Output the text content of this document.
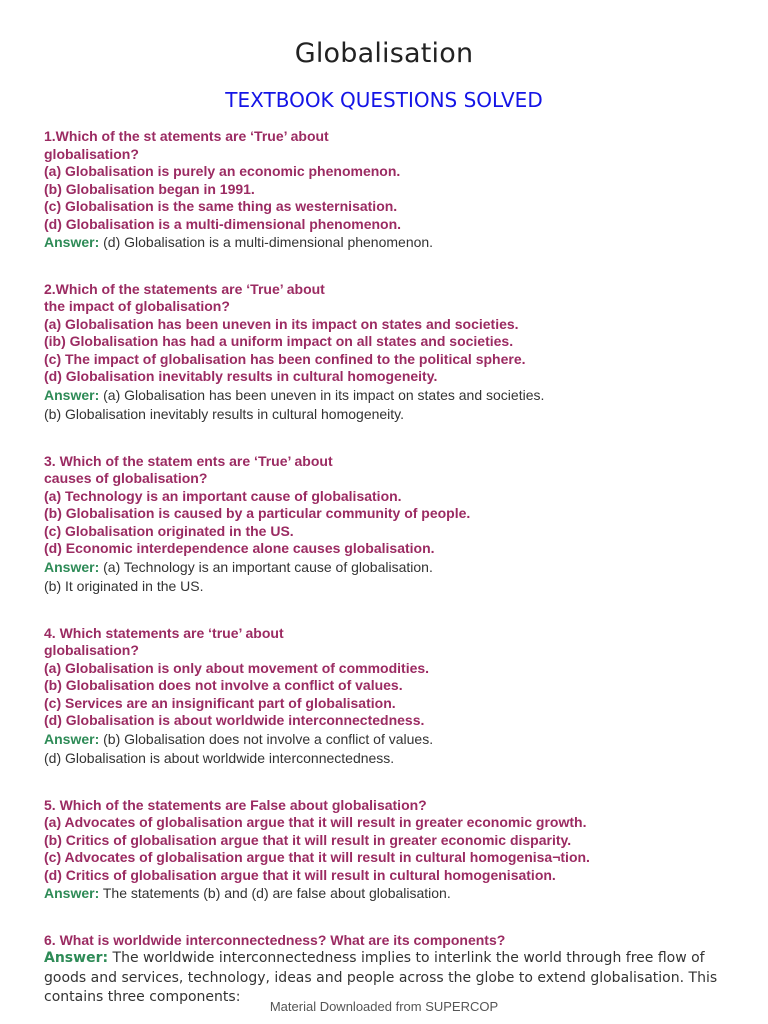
Globalisation
TEXTBOOK QUESTIONS SOLVED
1.Which of the st atements are ‘True’ about
globalisation?
(a) Globalisation is purely an economic phenomenon.
(b) Globalisation began in 1991.
(c) Globalisation is the same thing as westernisation.
(d) Globalisation is a multi-dimensional phenomenon.
Answer: (d) Globalisation is a multi-dimensional phenomenon.
2.Which of the statements are ‘True’ about
the impact of globalisation?
(a) Globalisation has been uneven in its impact on states and societies.
(ib) Globalisation has had a uniform impact on all states and societies.
(c) The impact of globalisation has been confined to the political sphere.
(d) Globalisation inevitably results in cultural homogeneity.
Answer: (a) Globalisation has been uneven in its impact on states and societies.
(b) Globalisation inevitably results in cultural homogeneity.
3. Which of the statem ents are ‘True’ about
causes of globalisation?
(a) Technology is an important cause of globalisation.
(b) Globalisation is caused by a particular community of people.
(c) Globalisation originated in the US.
(d) Economic interdependence alone causes globalisation.
Answer: (a) Technology is an important cause of globalisation.
(b) It originated in the US.
4. Which statements are ‘true’ about
globalisation?
(a) Globalisation is only about movement of commodities.
(b) Globalisation does not involve a conflict of values.
(c) Services are an insignificant part of globalisation.
(d) Globalisation is about worldwide interconnectedness.
Answer: (b) Globalisation does not involve a conflict of values.
(d) Globalisation is about worldwide interconnectedness.
5. Which of the statements are False about globalisation?
(a) Advocates of globalisation argue that it will result in greater economic growth.
(b) Critics of globalisation argue that it will result in greater economic disparity.
(c) Advocates of globalisation argue that it will result in cultural homogenisa¬tion.
(d) Critics of globalisation argue that it will result in cultural homogenisation.
Answer: The statements (b) and (d) are false about globalisation.
6. What is worldwide interconnectedness? What are its components?
Answer: The worldwide interconnectedness implies to interlink the world through free flow of goods and services, technology, ideas and people across the globe to extend globalisation. This contains three components:
Material Downloaded from SUPERCOP
